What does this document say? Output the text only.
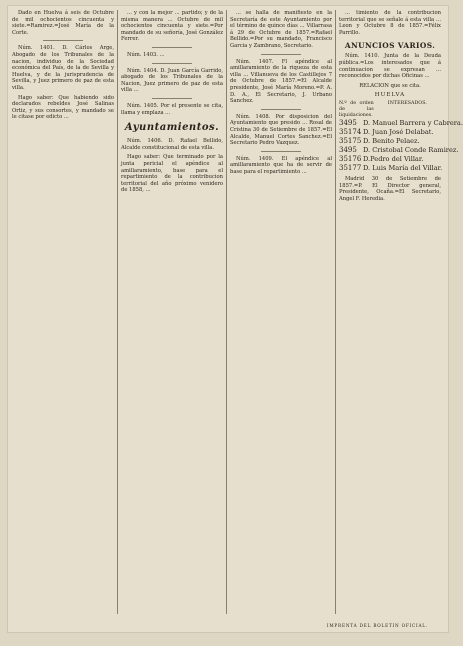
Dado en Huelva á seis de Octubre de mil ochocientos cincuenta y siete.=Ramirez.=José María de la Corte.

Núm. 1401. D. Cárlos Arge, Abogado de los Tribunales de la nacion, individuo de la Sociedad económica del País, de la de Sevilla y Huelva, y de la jurisprudencia de Sevilla, y Juez primero de paz de esta villa.

Hago saber: Que habiendo sido declarados rebeldes José Salinas Ortiz, y sus consortes, y mandado se le citase por edicto ...

... y con la mejor ... partido; y de la misma manera ... Octubre de mil ochocientos cincuenta y siete.=Por mandado de su señoría, José González Ferrer.

Núm. 1403. ...

Núm. 1404. D. Juan García Garrido, abogado de los Tribunales de la Nacion, Juez primero de paz de esta villa ...

Núm. 1405. Por el presente se cita, llama y emplaza ...

Ayuntamientos.

Núm. 1406. D. Rafael Bellido, Alcalde constitucional de esta villa.

Hago saber: Que terminado por la junta pericial el apéndice al amillaramiento, base para el repartimiento de la contribucion territorial del año próximo venidero de 1858, ...

... se halla de manifiesto en la Secretaría de este Ayuntamiento por el término de quince días ... Villarrasa á 29 de Octubre de 1857.=Rafael Bellido.=Por su mandado, Francisco Garcia y Zambrano, Secretario.

Núm. 1407. Fl apéndice al amillaramiento de la riqueza de esta villa ... Villanueva de los Castillejos 7 de Octubre de 1857.=El Alcalde presidente, José María Moreno.=P. A. D. A., El Secretario, J. Urbano Sanchez.

Núm. 1408. Por disposicion del Ayuntamiento que presido ... Rosal de Cristina 30 de Setiembre de 1857.=El Alcalde, Manuel Cortes Sanchez.=El Secretario Pedro Vazquez.

Núm. 1409. El apéndice al amillaramiento que ha de servir de base para el repartimiento ...

... timiento de la contribucion territorial que se señale á esta villa ... Leon y Octubre 8 de 1857.=Félix Parrillo.

ANUNCIOS VARIOS.

Núm. 1410. Junta de la Deuda pública.=Los interesados que á continuacion se expresan ... reconocidos por dichas Oficinas ...

RELACION que se cita.
HUELVA
N.º de orden de las liquidaciones.	INTERESADOS.
3495 D. Manuel Barrera y Cabrera.
35174 D. Juan José Delabat.
35175 D. Benito Pelaez.
3495 D. Cristobal Conde Ramirez.
35176 D.Pedro del Villar.
35177 D. Luis María del Villar.

Madrid 30 de Setiembre de 1857.=P. El Director general, Presidente, Ocaña.=El Secretario, Angel F. Heredia.

IMPRENTA DEL BOLETIN OFICIAL.
